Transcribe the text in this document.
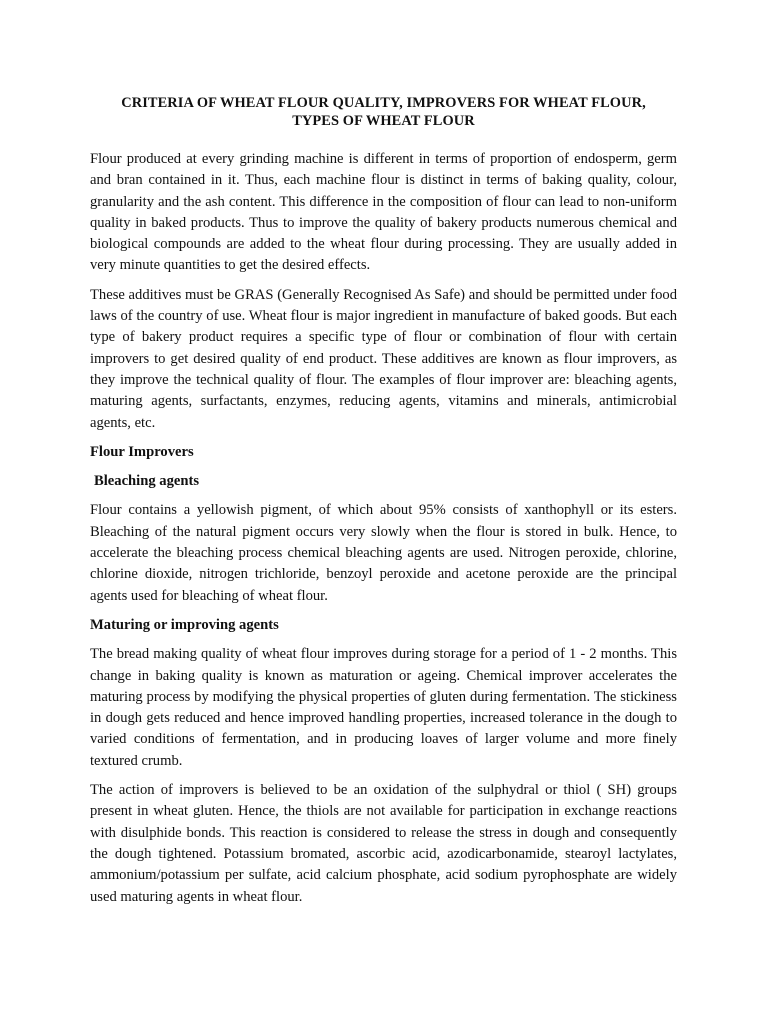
CRITERIA OF WHEAT FLOUR QUALITY, IMPROVERS FOR WHEAT FLOUR,
TYPES OF WHEAT FLOUR

Flour produced at every grinding machine is different in terms of proportion of endosperm, germ and bran contained in it. Thus, each machine flour is distinct in terms of baking quality, colour, granularity and the ash content. This difference in the composition of flour can lead to non-uniform quality in baked products. Thus to improve the quality of bakery products numerous chemical and biological compounds are added to the wheat flour during processing. They are usually added in very minute quantities to get the desired effects.

These additives must be GRAS (Generally Recognised As Safe) and should be permitted under food laws of the country of use. Wheat flour is major ingredient in manufacture of baked goods. But each type of bakery product requires a specific type of flour or combination of flour with certain improvers to get desired quality of end product. These additives are known as flour improvers, as they improve the technical quality of flour. The examples of flour improver are: bleaching agents, maturing agents, surfactants, enzymes, reducing agents, vitamins and minerals, antimicrobial agents, etc.

Flour Improvers
Bleaching agents

Flour contains a yellowish pigment, of which about 95% consists of xanthophyll or its esters. Bleaching of the natural pigment occurs very slowly when the flour is stored in bulk. Hence, to accelerate the bleaching process chemical bleaching agents are used. Nitrogen peroxide, chlorine, chlorine dioxide, nitrogen trichloride, benzoyl peroxide and acetone peroxide are the principal agents used for bleaching of wheat flour.

Maturing or improving agents

The bread making quality of wheat flour improves during storage for a period of 1 - 2 months. This change in baking quality is known as maturation or ageing. Chemical improver accelerates the maturing process by modifying the physical properties of gluten during fermentation. The stickiness in dough gets reduced and hence improved handling properties, increased tolerance in the dough to varied conditions of fermentation, and in producing loaves of larger volume and more finely textured crumb.

The action of improvers is believed to be an oxidation of the sulphydral or thiol ( SH) groups present in wheat gluten. Hence, the thiols are not available for participation in exchange reactions with disulphide bonds. This reaction is considered to release the stress in dough and consequently the dough tightened. Potassium bromated, ascorbic acid, azodicarbonamide, stearoyl lactylates, ammonium/potassium per sulfate, acid calcium phosphate, acid sodium pyrophosphate are widely used maturing agents in wheat flour.
